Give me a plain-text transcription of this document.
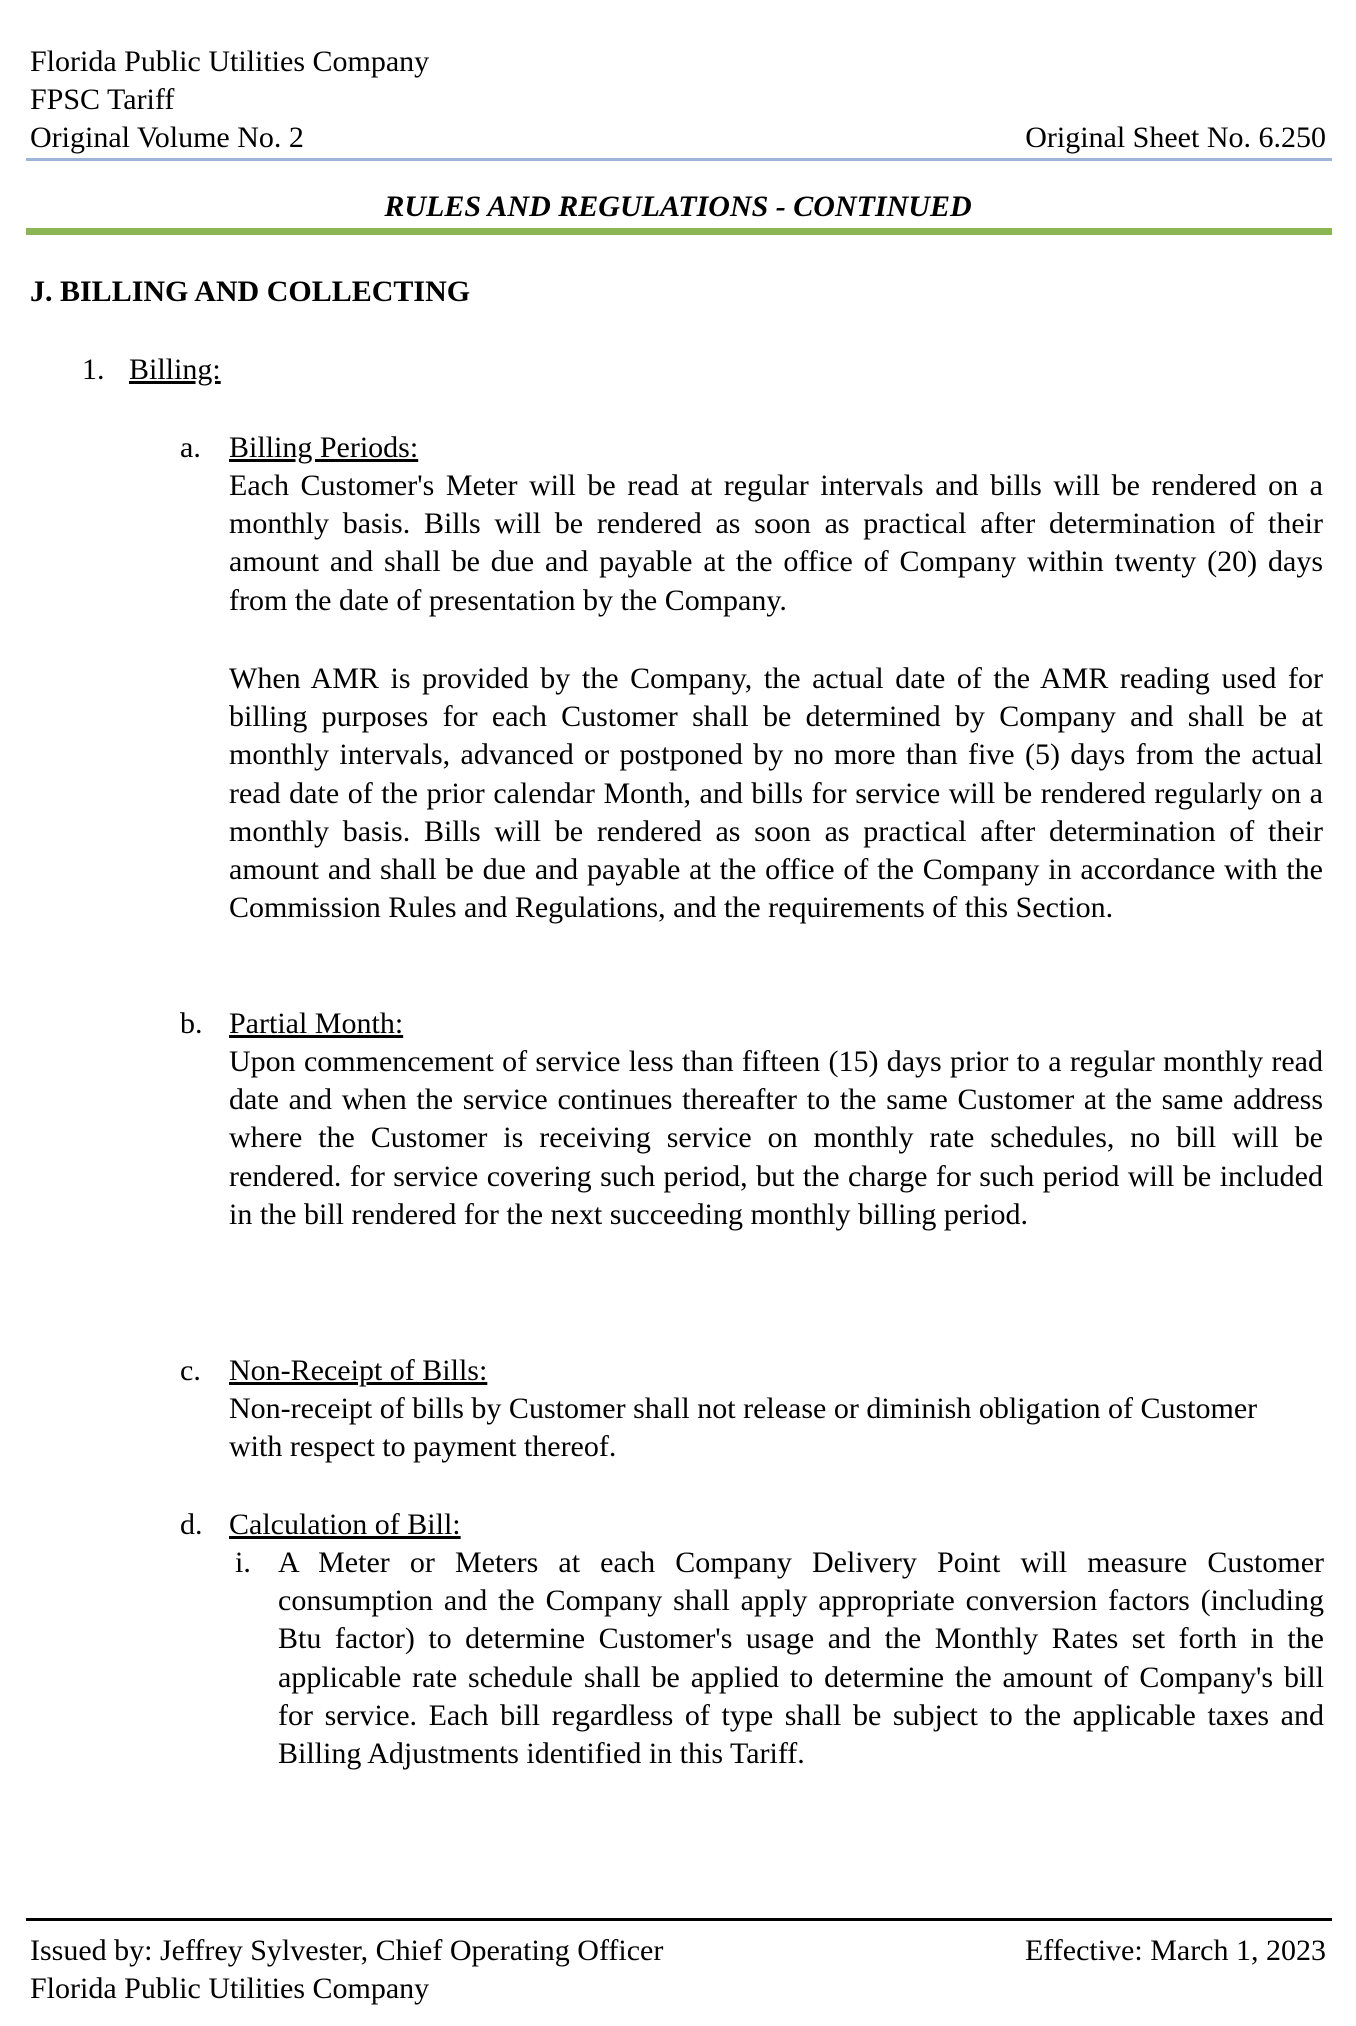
Florida Public Utilities Company
FPSC Tariff
Original Volume No. 2	Original Sheet No. 6.250
RULES AND REGULATIONS - CONTINUED
J. BILLING AND COLLECTING
1. Billing:
a. Billing Periods:
Each Customer's Meter will be read at regular intervals and bills will be rendered on a monthly basis. Bills will be rendered as soon as practical after determination of their amount and shall be due and payable at the office of Company within twenty (20) days from the date of presentation by the Company.
When AMR is provided by the Company, the actual date of the AMR reading used for billing purposes for each Customer shall be determined by Company and shall be at monthly intervals, advanced or postponed by no more than five (5) days from the actual read date of the prior calendar Month, and bills for service will be rendered regularly on a monthly basis. Bills will be rendered as soon as practical after determination of their amount and shall be due and payable at the office of the Company in accordance with the Commission Rules and Regulations, and the requirements of this Section.
b. Partial Month:
Upon commencement of service less than fifteen (15) days prior to a regular monthly read date and when the service continues thereafter to the same Customer at the same address where the Customer is receiving service on monthly rate schedules, no bill will be rendered. for service covering such period, but the charge for such period will be included in the bill rendered for the next succeeding monthly billing period.
c. Non-Receipt of Bills:
Non-receipt of bills by Customer shall not release or diminish obligation of Customer with respect to payment thereof.
d. Calculation of Bill:
i. A Meter or Meters at each Company Delivery Point will measure Customer consumption and the Company shall apply appropriate conversion factors (including Btu factor) to determine Customer's usage and the Monthly Rates set forth in the applicable rate schedule shall be applied to determine the amount of Company's bill for service. Each bill regardless of type shall be subject to the applicable taxes and Billing Adjustments identified in this Tariff.
Issued by: Jeffrey Sylvester, Chief Operating Officer	Effective: March 1, 2023
Florida Public Utilities Company
